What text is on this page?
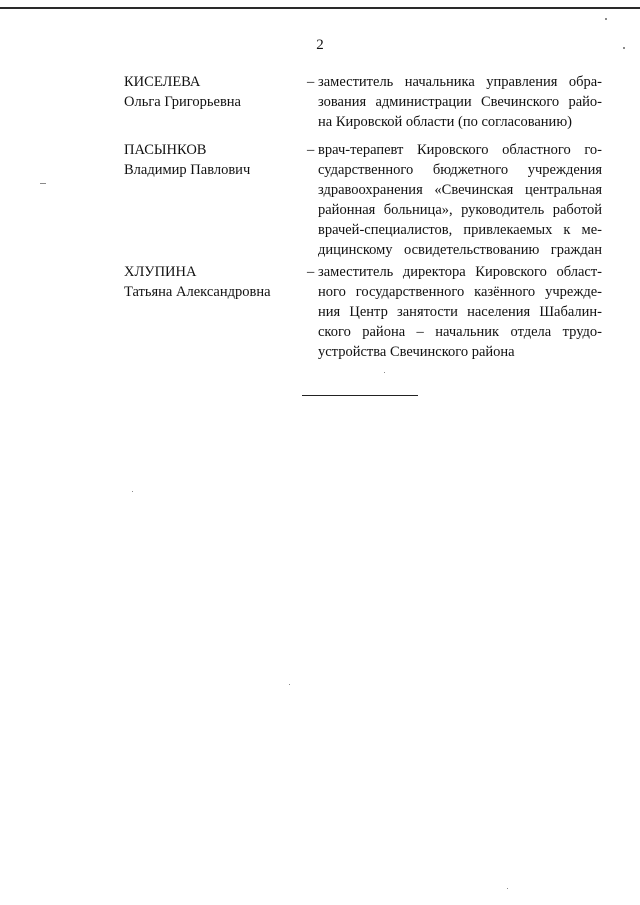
2
КИСЕЛЕВА
Ольга Григорьевна
– заместитель начальника управления обра-
зования администрации Свечинского райо-
на Кировской области (по согласованию)
ПАСЫНКОВ
Владимир Павлович
– врач-терапевт Кировского областного го-
сударственного бюджетного учреждения
здравоохранения «Свечинская центральная
районная больница», руководитель работой
врачей-специалистов, привлекаемых к ме-
дицинскому освидетельствованию граждан
ХЛУПИНА
Татьяна Александровна
– заместитель директора Кировского област-
ного государственного казённого учрежде-
ния Центр занятости населения Шабалин-
ского района – начальник отдела трудо-
устройства Свечинского района
